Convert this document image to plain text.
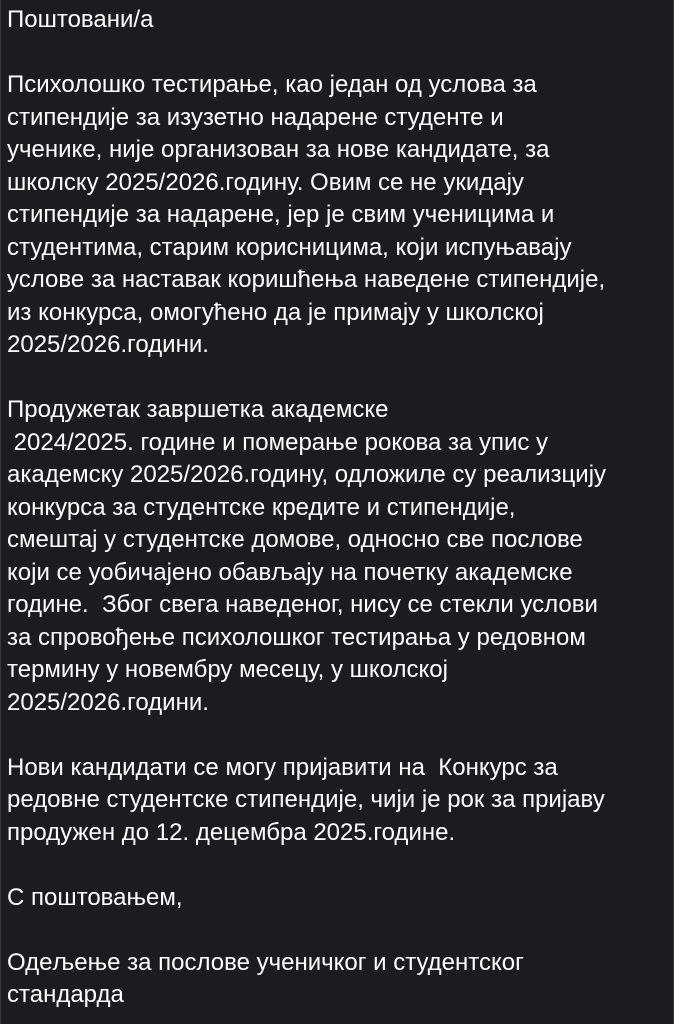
Поштовани/а
Психолошко тестирање, као један од услова за
стипендије за изузетно надарене студенте и
ученике, није организован за нове кандидате, за
школску 2025/2026.годину. Овим се не укидају
стипендије за надарене, јер је свим ученицима и
студентима, старим корисницима, који испуњавају
услове за наставак коришћења наведене стипендије,
из конкурса, омогућено да је примају у школској
2025/2026.години.
Продужетак завршетка академске
2024/2025. године и померање рокова за упис у
академску 2025/2026.годину, одложиле су реализцију
конкурса за студентске кредите и стипендије,
смештај у студентске домове, односно све послове
који се уобичајено обављају на почетку академске
године.  Због свега наведеног, нису се стекли услови
за спровођење психолошког тестирања у редовном
термину у новембру месецу, у школској
2025/2026.години.
Нови кандидати се могу пријавити на  Конкурс за
редовне студентске стипендије, чији је рок за пријаву
продужен до 12. децембра 2025.године.
С поштовањем,
Одељење за послове ученичког и студентског
стандарда
